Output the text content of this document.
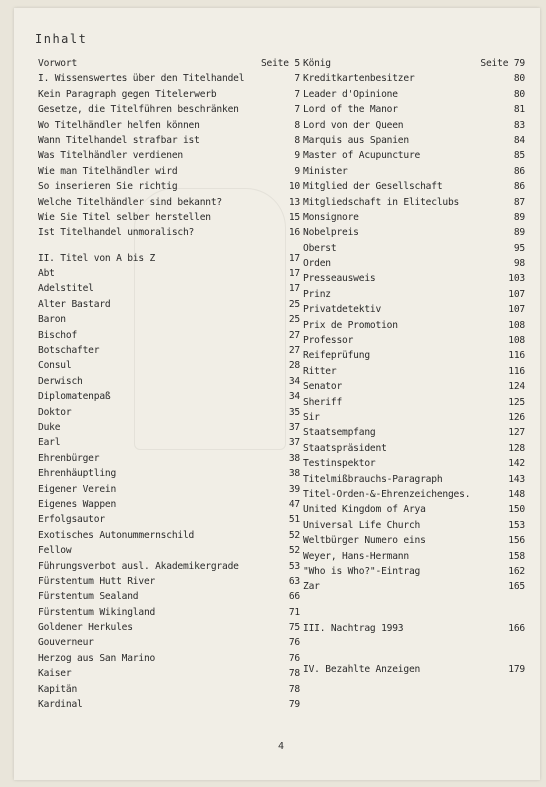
Inhalt
Vorwort	Seite 5
I. Wissenswertes über den Titelhandel	7
Kein Paragraph gegen Titelerwerb	7
Gesetze, die Titelführen beschränken	7
Wo Titelhändler helfen können	8
Wann Titelhandel strafbar ist	8
Was Titelhändler verdienen	9
Wie man Titelhändler wird	9
So inserieren Sie richtig	10
Welche Titelhändler sind bekannt?	13
Wie Sie Titel selber herstellen	15
Ist Titelhandel unmoralisch?	16
II. Titel von A bis Z	17
Abt	17
Adelstitel	17
Alter Bastard	25
Baron	25
Bischof	27
Botschafter	27
Consul	28
Derwisch	34
Diplomatenpaß	34
Doktor	35
Duke	37
Earl	37
Ehrenbürger	38
Ehrenhäuptling	38
Eigener Verein	39
Eigenes Wappen	47
Erfolgsautor	51
Exotisches Autonummernschild	52
Fellow	52
Führungsverbot ausl. Akademikergrade	53
Fürstentum Hutt River	63
Fürstentum Sealand	66
Fürstentum Wikingland	71
Goldener Herkules	75
Gouverneur	76
Herzog aus San Marino	76
Kaiser	78
Kapitän	78
Kardinal	79
König	Seite 79
Kreditkartenbesitzer	80
Leader d'Opinione	80
Lord of the Manor	81
Lord von der Queen	83
Marquis aus Spanien	84
Master of Acupuncture	85
Minister	86
Mitglied der Gesellschaft	86
Mitgliedschaft in Eliteclubs	87
Monsignore	89
Nobelpreis	89
Oberst	95
Orden	98
Presseausweis	103
Prinz	107
Privatdetektiv	107
Prix de Promotion	108
Professor	108
Reifeprüfung	116
Ritter	116
Senator	124
Sheriff	125
Sir	126
Staatsempfang	127
Staatspräsident	128
Testinspektor	142
Titelmißbrauchs-Paragraph	143
Titel-Orden-&-Ehrenzeichenges.	148
United Kingdom of Arya	150
Universal Life Church	153
Weltbürger Numero eins	156
Weyer, Hans-Hermann	158
"Who is Who?"-Eintrag	162
Zar	165
III. Nachtrag 1993	166
IV. Bezahlte Anzeigen	179
4
